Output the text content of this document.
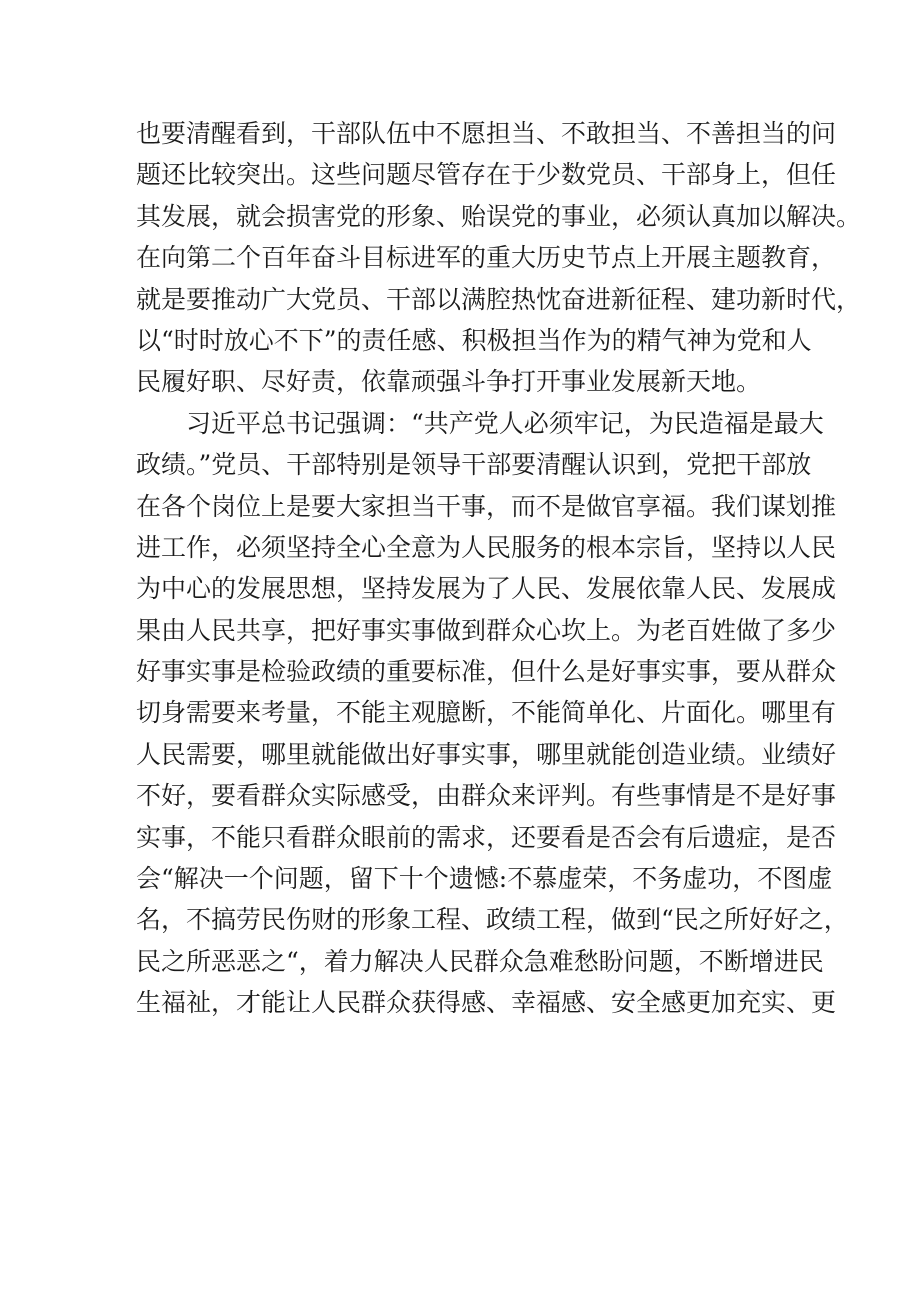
也要清醒看到，干部队伍中不愿担当、不敢担当、不善担当的问
题还比较突出。这些问题尽管存在于少数党员、干部身上，但任
其发展，就会损害党的形象、贻误党的事业，必须认真加以解决。
在向第二个百年奋斗目标进军的重大历史节点上开展主题教育，
就是要推动广大党员、干部以满腔热忱奋进新征程、建功新时代，
以“时时放心不下”的责任感、积极担当作为的精气神为党和人
民履好职、尽好责，依靠顽强斗争打开事业发展新天地。
习近平总书记强调：“共产党人必须牢记，为民造福是最大
政绩。”党员、干部特别是领导干部要清醒认识到，党把干部放
在各个岗位上是要大家担当干事，而不是做官享福。我们谋划推
进工作，必须坚持全心全意为人民服务的根本宗旨，坚持以人民
为中心的发展思想，坚持发展为了人民、发展依靠人民、发展成
果由人民共享，把好事实事做到群众心坎上。为老百姓做了多少
好事实事是检验政绩的重要标准，但什么是好事实事，要从群众
切身需要来考量，不能主观臆断，不能简单化、片面化。哪里有
人民需要，哪里就能做出好事实事，哪里就能创造业绩。业绩好
不好，要看群众实际感受，由群众来评判。有些事情是不是好事
实事，不能只看群众眼前的需求，还要看是否会有后遗症，是否
会“解决一个问题，留下十个遗憾:不慕虚荣，不务虚功，不图虚
名，不搞劳民伤财的形象工程、政绩工程，做到“民之所好好之，
民之所恶恶之“，着力解决人民群众急难愁盼问题，不断增进民
生福祉，才能让人民群众获得感、幸福感、安全感更加充实、更
